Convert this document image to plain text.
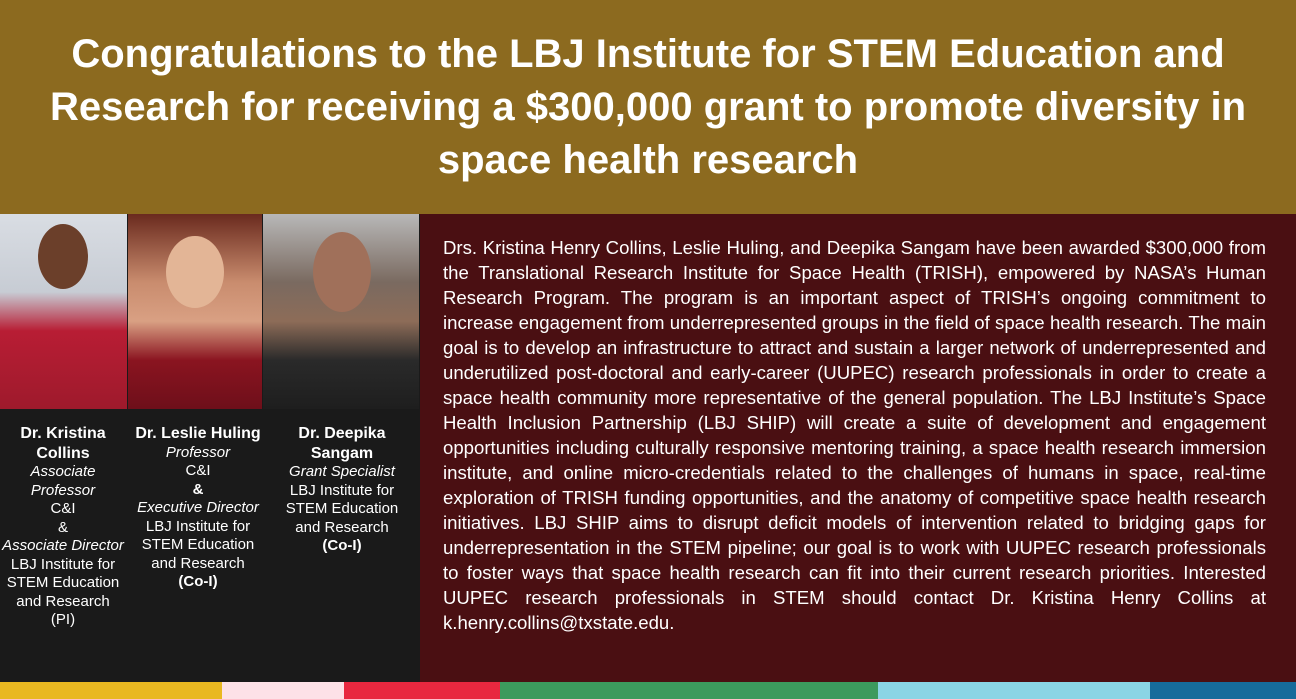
Congratulations to the LBJ Institute for STEM Education and Research for receiving a $300,000 grant to promote diversity in space health research
Dr. Kristina Collins
Associate Professor
C&I
&
Associate Director
LBJ Institute for STEM Education and Research
(PI)
Dr. Leslie Huling
Professor
C&I
&
Executive Director
LBJ Institute for STEM Education and Research
(Co-I)
Dr. Deepika Sangam
Grant Specialist
LBJ Institute for STEM Education and Research
(Co-I)

Drs. Kristina Henry Collins, Leslie Huling, and Deepika Sangam have been awarded $300,000 from the Translational Research Institute for Space Health (TRISH), empowered by NASA’s Human Research Program. The program is an important aspect of TRISH’s ongoing commitment to increase engagement from underrepresented groups in the field of space health research. The main goal is to develop an infrastructure to attract and sustain a larger network of underrepresented and underutilized post-doctoral and early-career (UUPEC) research professionals in order to create a space health community more representative of the general population. The LBJ Institute’s Space Health Inclusion Partnership (LBJ SHIP) will create a suite of development and engagement opportunities including culturally responsive mentoring training, a space health research immersion institute, and online micro-credentials related to the challenges of humans in space, real-time exploration of TRISH funding opportunities, and the anatomy of competitive space health research initiatives. LBJ SHIP aims to disrupt deficit models of intervention related to bridging gaps for underrepresentation in the STEM pipeline; our goal is to work with UUPEC research professionals to foster ways that space health research can fit into their current research priorities. Interested UUPEC research professionals in STEM should contact Dr. Kristina Henry Collins at k.henry.collins@txstate.edu.
